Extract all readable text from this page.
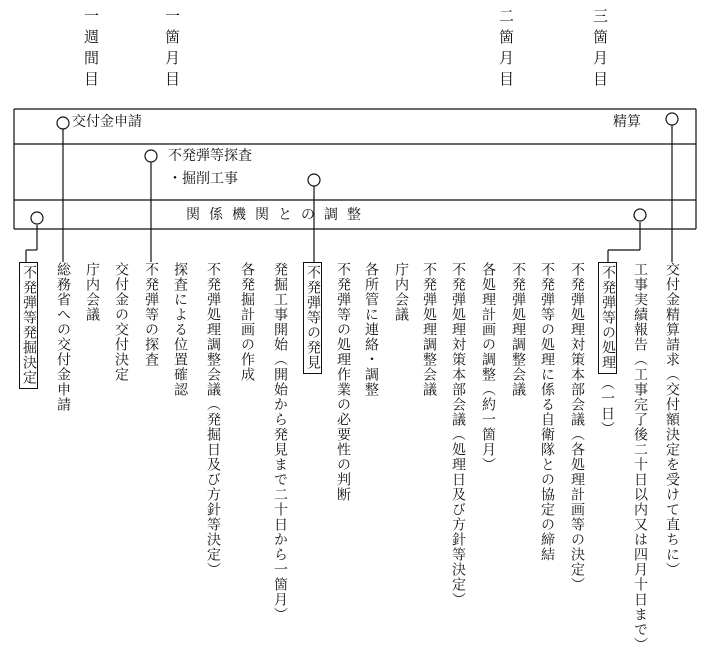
一週間目	一箇月目	二箇月目	三箇月目
交付金申請	精算
不発弾等探査
・掘削工事
関係機関との調整
不発弾等発掘決定 総務省への交付金申請 庁内会議 交付金の交付決定 不発弾等の探査 探査による位置確認 不発弾処理調整会議（発掘日及び方針等決定） 各発掘計画の作成 発掘工事開始（開始から発見まで二十日から一箇月） 不発弾等の発見 不発弾等の処理作業の必要性の判断 各所管に連絡・調整 庁内会議 不発弾処理調整会議 不発弾処理対策本部会議（処理日及び方針等決定） 各処理計画の調整（約一箇月） 不発弾処理調整会議 不発弾等の処理に係る自衛隊との協定の締結 不発弾処理対策本部会議（各処理計画等の決定） 不発弾等の処理
（一日） 工事実績報告（工事完了後二十日以内又は四月十日まで） 交付金精算請求（交付額決定を受けて直ちに）
